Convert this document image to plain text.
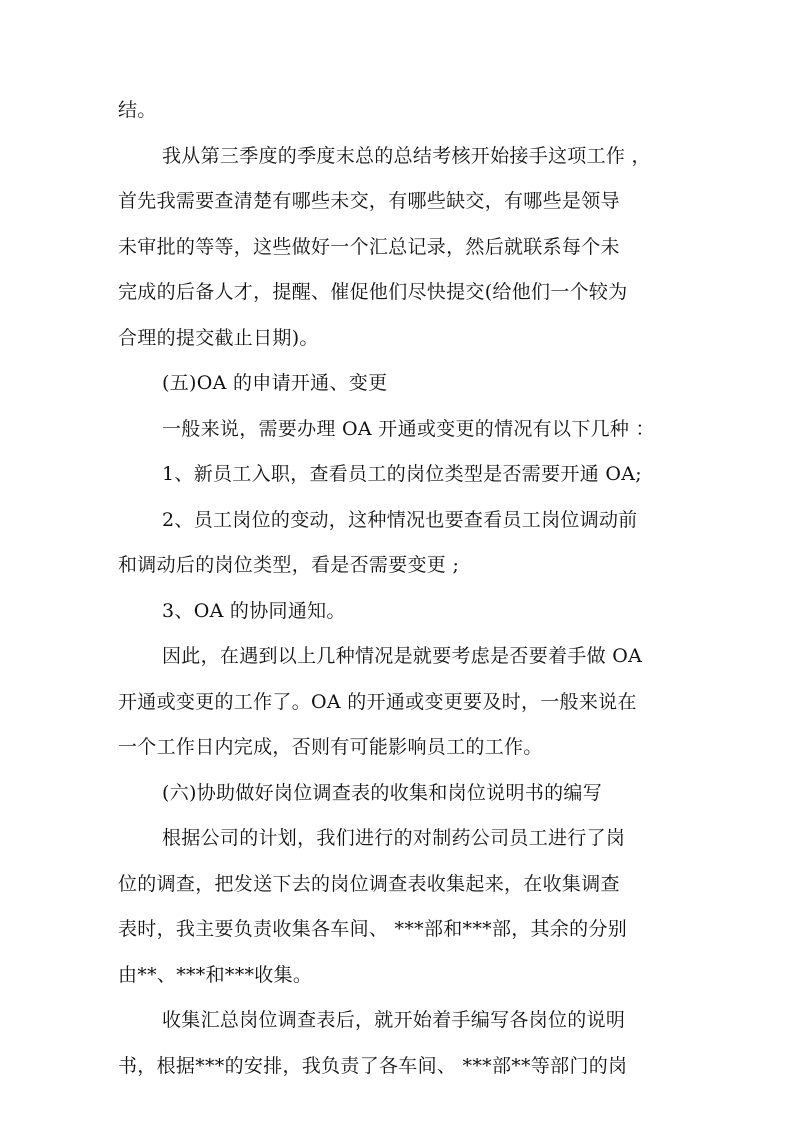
结。
我从第三季度的季度末总的总结考核开始接手这项工作 ，
首先我需要查清楚有哪些未交，有哪些缺交，有哪些是领导
未审批的等等，这些做好一个汇总记录，然后就联系每个未
完成的后备人才，提醒、催促他们尽快提交(给他们一个较为
合理的提交截止日期)。
(五)OA 的申请开通、变更
一般来说，需要办理 OA 开通或变更的情况有以下几种 ：
1、新员工入职，查看员工的岗位类型是否需要开通 OA;
2、员工岗位的变动，这种情况也要查看员工岗位调动前
和调动后的岗位类型，看是否需要变更 ;
3、OA 的协同通知。
因此，在遇到以上几种情况是就要考虑是否要着手做 OA
开通或变更的工作了。OA 的开通或变更要及时，一般来说在
一个工作日内完成，否则有可能影响员工的工作。
(六)协助做好岗位调查表的收集和岗位说明书的编写
根据公司的计划，我们进行的对制药公司员工进行了岗
位的调查，把发送下去的岗位调查表收集起来，在收集调查
表时，我主要负责收集各车间、 ***部和***部，其余的分别
由**、***和***收集。
收集汇总岗位调查表后，就开始着手编写各岗位的说明
书，根据***的安排，我负责了各车间、 ***部**等部门的岗
